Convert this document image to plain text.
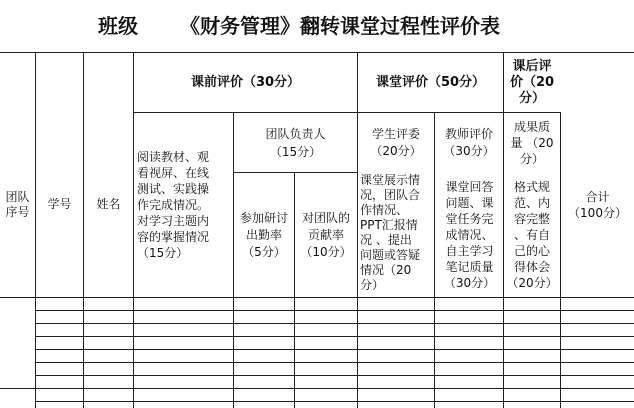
班级 《财务管理》翻转课堂过程性评价表
团队
序号
学号	姓名
课前评价（30分）	课堂评价（50分）
课后评
价（20
分）
阅读教材、观
看视屏、在线
测试、实践操
作完成情况。
对学习主题内
容的掌握情况
（15分）
团队负责人
（15分）
参加研讨
出勤率
（5分）
对团队的
贡献率
（10分）
学生评委
（20分）
教师评价
（30分）
课堂展示情
况，团队合
作情况、
PPT汇报情
况 、提出
问题或答疑
情况（20
分）
课堂回答
问题、课
堂任务完
成情况、
自主学习
笔记质量
（30分）
成果质
量 （20
分）
格式规
范、内
容完整
、有自
己的心
得体会
（20分）
合计
（100分）
